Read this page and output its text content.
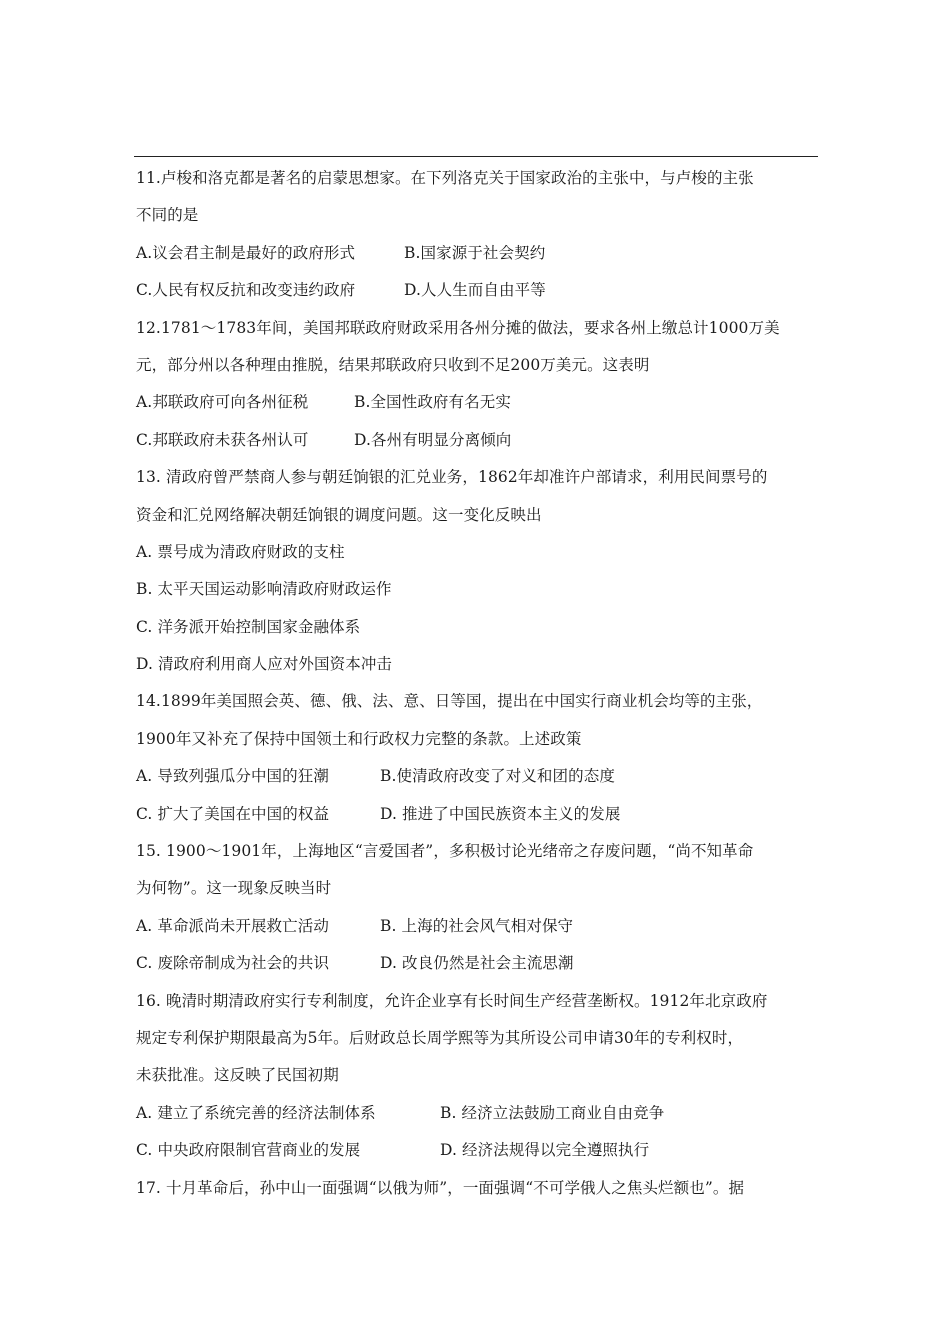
11.卢梭和洛克都是著名的启蒙思想家。在下列洛克关于国家政治的主张中，与卢梭的主张
不同的是
A.议会君主制是最好的政府形式	B.国家源于社会契约
C.人民有权反抗和改变违约政府	D.人人生而自由平等
12.1781～1783年间，美国邦联政府财政采用各州分摊的做法，要求各州上缴总计1000万美
元，部分州以各种理由推脱，结果邦联政府只收到不足200万美元。这表明
A.邦联政府可向各州征税	B.全国性政府有名无实
C.邦联政府未获各州认可	D.各州有明显分离倾向
13. 清政府曾严禁商人参与朝廷饷银的汇兑业务，1862年却准许户部请求，利用民间票号的
资金和汇兑网络解决朝廷饷银的调度问题。这一变化反映出
A. 票号成为清政府财政的支柱
B. 太平天国运动影响清政府财政运作
C. 洋务派开始控制国家金融体系
D. 清政府利用商人应对外国资本冲击
14.1899年美国照会英、德、俄、法、意、日等国，提出在中国实行商业机会均等的主张，
1900年又补充了保持中国领土和行政权力完整的条款。上述政策
A. 导致列强瓜分中国的狂潮	B.使清政府改变了对义和团的态度
C. 扩大了美国在中国的权益	D. 推进了中国民族资本主义的发展
15. 1900～1901年，上海地区“言爱国者”，多积极讨论光绪帝之存废问题，“尚不知革命
为何物”。这一现象反映当时
A. 革命派尚未开展救亡活动	B. 上海的社会风气相对保守
C. 废除帝制成为社会的共识	D. 改良仍然是社会主流思潮
16. 晚清时期清政府实行专利制度，允许企业享有长时间生产经营垄断权。1912年北京政府
规定专利保护期限最高为5年。后财政总长周学熙等为其所设公司申请30年的专利权时，
未获批准。这反映了民国初期
A. 建立了系统完善的经济法制体系	B. 经济立法鼓励工商业自由竞争
C. 中央政府限制官营商业的发展	D. 经济法规得以完全遵照执行
17. 十月革命后，孙中山一面强调“以俄为师”，一面强调“不可学俄人之焦头烂额也”。据
